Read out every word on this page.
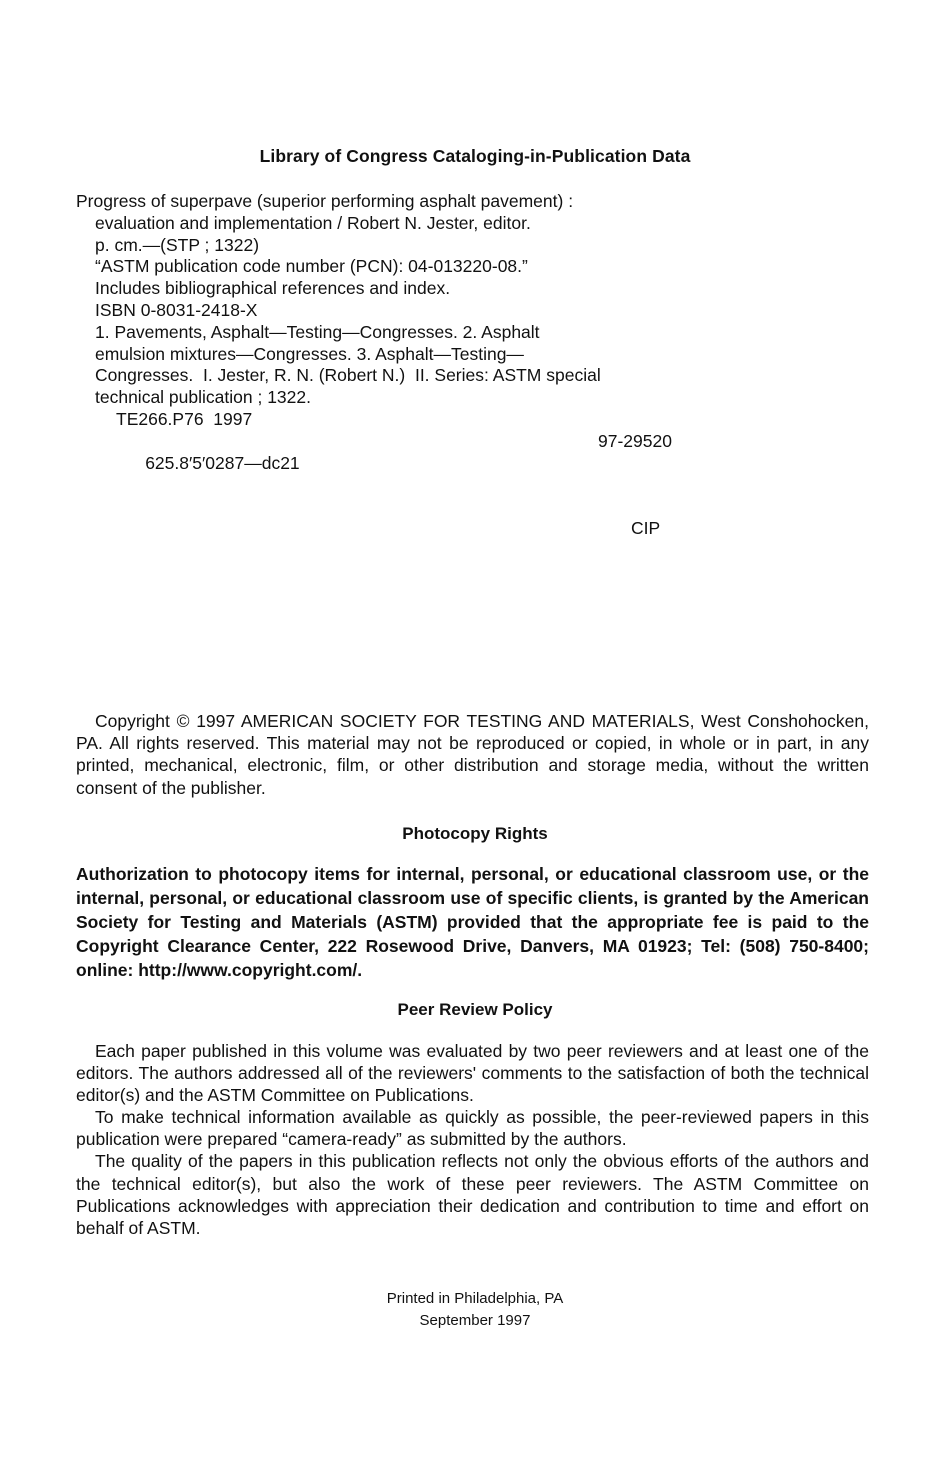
Library of Congress Cataloging-in-Publication Data
Progress of superpave (superior performing asphalt pavement) :
evaluation and implementation / Robert N. Jester, editor.
p. cm.—(STP ; 1322)
“ASTM publication code number (PCN): 04-013220-08.”
Includes bibliographical references and index.
ISBN 0-8031-2418-X
1. Pavements, Asphalt—Testing—Congresses. 2. Asphalt
emulsion mixtures—Congresses. 3. Asphalt—Testing—
Congresses.  I. Jester, R. N. (Robert N.)  II. Series: ASTM special
technical publication ; 1322.
TE266.P76  1997

625.8′5′0287—dc21

97-29520

CIP

Copyright © 1997 AMERICAN SOCIETY FOR TESTING AND MATERIALS, West Conshohocken, PA. All rights reserved. This material may not be reproduced or copied, in whole or in part, in any printed, mechanical, electronic, film, or other distribution and storage media, without the written consent of the publisher.
Photocopy Rights
Authorization to photocopy items for internal, personal, or educational classroom use, or the internal, personal, or educational classroom use of specific clients, is granted by the American Society for Testing and Materials (ASTM) provided that the appropriate fee is paid to the Copyright Clearance Center, 222 Rosewood Drive, Danvers, MA 01923; Tel: (508) 750-8400; online: http://www.copyright.com/.
Peer Review Policy

Each paper published in this volume was evaluated by two peer reviewers and at least one of the editors. The authors addressed all of the reviewers' comments to the satisfaction of both the technical editor(s) and the ASTM Committee on Publications.

To make technical information available as quickly as possible, the peer-reviewed papers in this publication were prepared “camera-ready” as submitted by the authors.

The quality of the papers in this publication reflects not only the obvious efforts of the authors and the technical editor(s), but also the work of these peer reviewers. The ASTM Committee on Publications acknowledges with appreciation their dedication and contribution to time and effort on behalf of ASTM.

Printed in Philadelphia, PA
September 1997
